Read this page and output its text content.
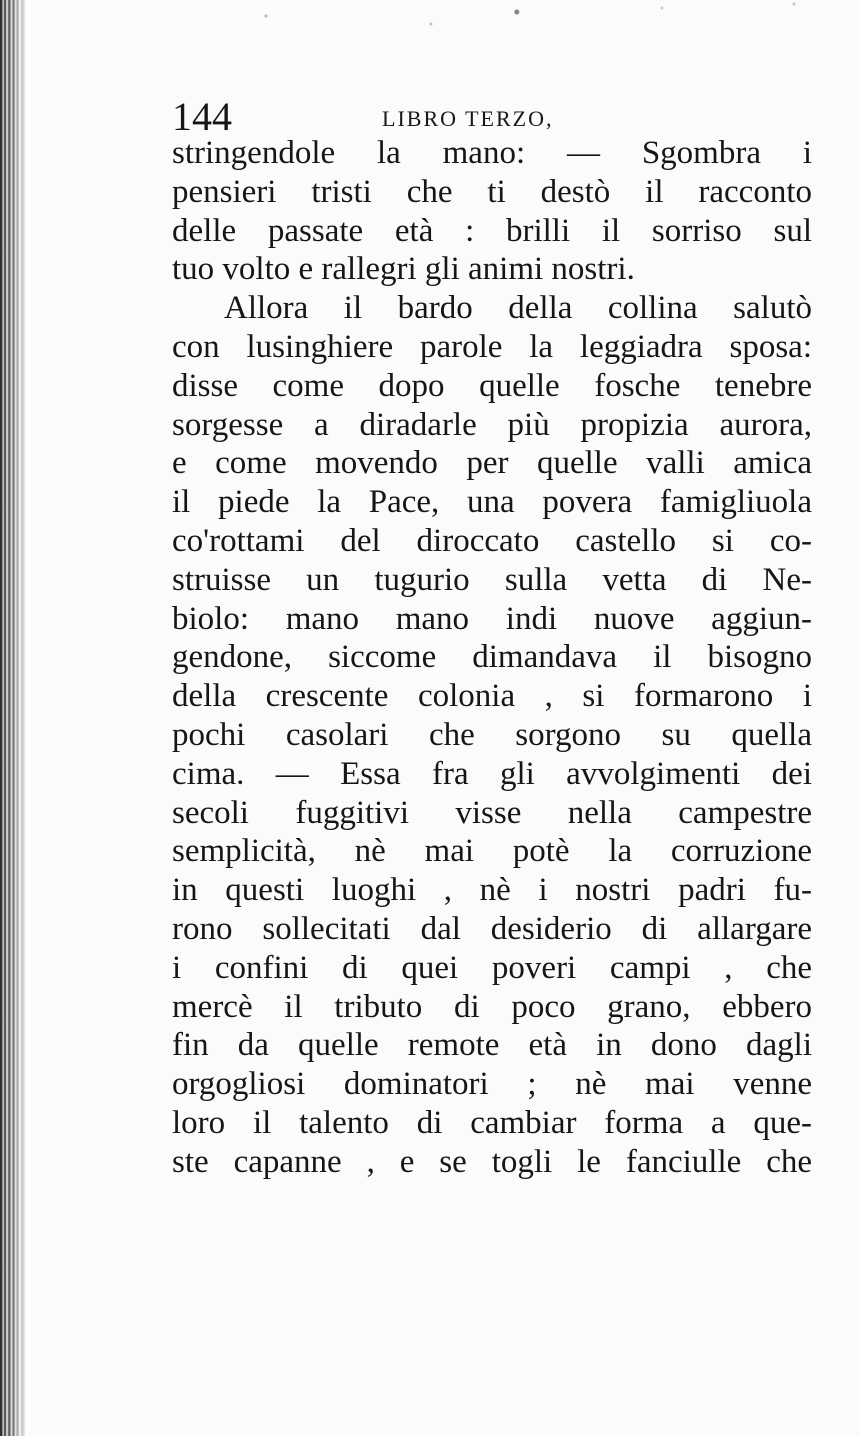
144	LIBRO TERZO,
stringendole la mano: — Sgombra i
pensieri tristi che ti destò il racconto
delle passate età : brilli il sorriso sul
tuo volto e rallegri gli animi nostri.
Allora il bardo della collina salutò
con lusinghiere parole la leggiadra sposa:
disse come dopo quelle fosche tenebre
sorgesse a diradarle più propizia aurora,
e come movendo per quelle valli amica
il piede la Pace, una povera famigliuola
co'rottami del diroccato castello si co-
struisse un tugurio sulla vetta di Ne-
biolo: mano mano indi nuove aggiun-
gendone, siccome dimandava il bisogno
della crescente colonia , si formarono i
pochi casolari che sorgono su quella
cima. — Essa fra gli avvolgimenti dei
secoli fuggitivi visse nella campestre
semplicità, nè mai potè la corruzione
in questi luoghi , nè i nostri padri fu-
rono sollecitati dal desiderio di allargare
i confini di quei poveri campi , che
mercè il tributo di poco grano, ebbero
fin da quelle remote età in dono dagli
orgogliosi dominatori ; nè mai venne
loro il talento di cambiar forma a que-
ste capanne , e se togli le fanciulle che
